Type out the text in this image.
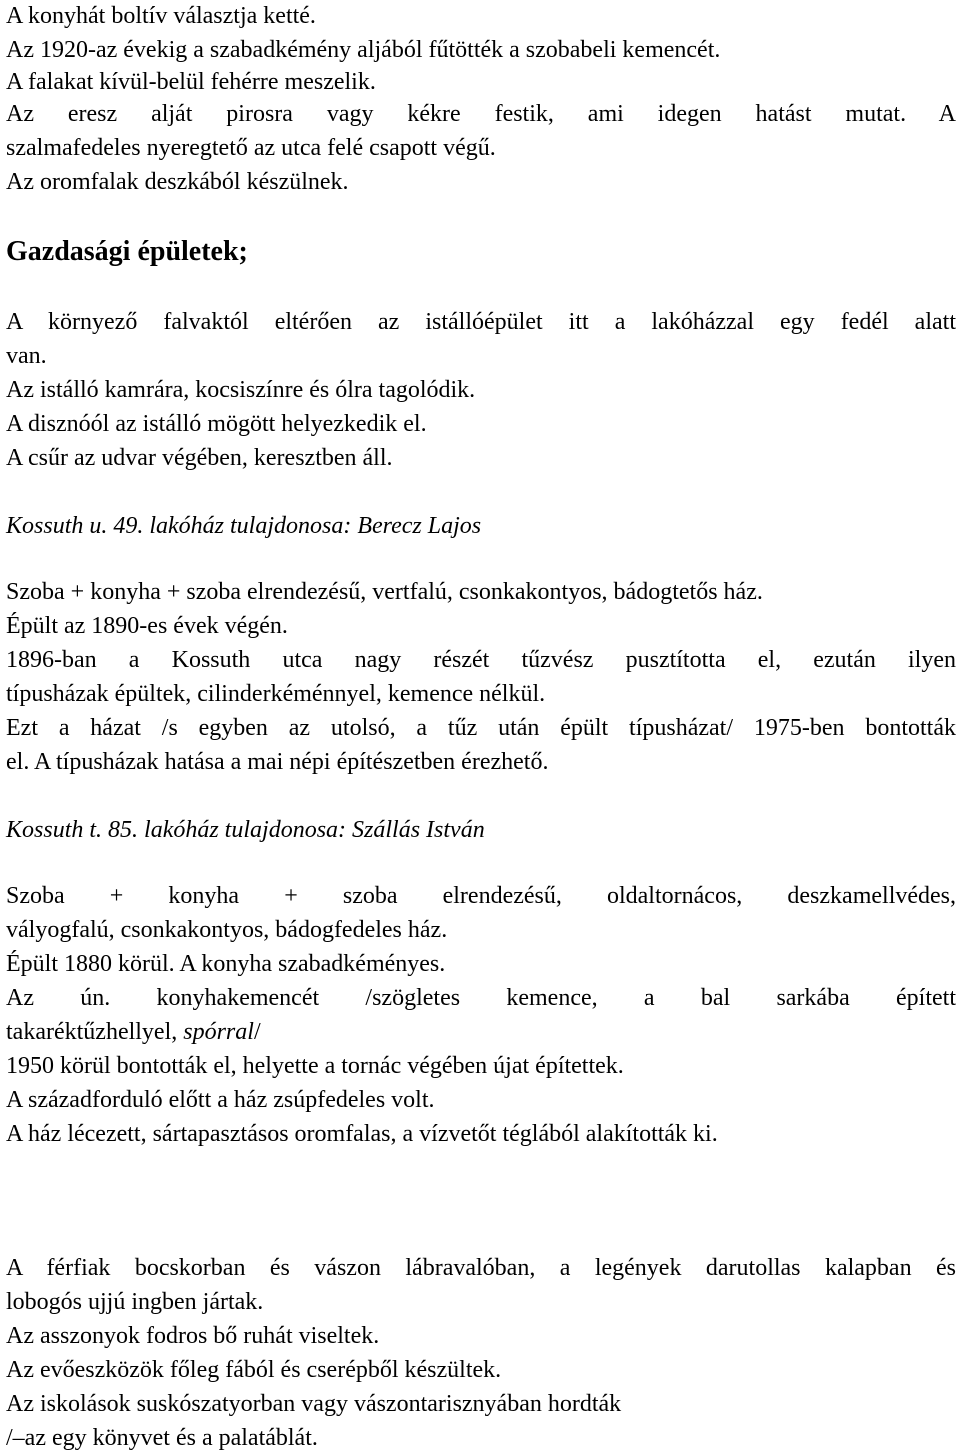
A konyhát boltív választja ketté.
Az 1920-az évekig a szabadkémény aljából fűtötték a szobabeli kemencét.
A falakat kívül-belül fehérre meszelik.
Az eresz alját pirosra vagy kékre festik, ami idegen hatást mutat. A
szalmafedeles nyeregtető az utca felé csapott végű.
Az oromfalak deszkából készülnek.
Gazdasági épületek;
A környező falvaktól eltérően az istállóépület itt a lakóházzal egy fedél alatt
van.
Az istálló kamrára, kocsiszínre és ólra tagolódik.
A disznóól az istálló mögött helyezkedik el.
A csűr az udvar végében, keresztben áll.
Kossuth u. 49. lakóház tulajdonosa: Berecz Lajos
Szoba + konyha + szoba elrendezésű, vertfalú, csonkakontyos, bádogtetős ház.
Épült az 1890-es évek végén.
1896-ban a Kossuth utca nagy részét tűzvész pusztította el, ezután ilyen
típusházak épültek, cilinderkéménnyel, kemence nélkül.
Ezt a házat /s egyben az utolsó, a tűz után épült típusházat/ 1975-ben bontották
el. A típusházak hatása a mai népi építészetben érezhető.
Kossuth t. 85. lakóház tulajdonosa: Szállás István
Szoba + konyha + szoba elrendezésű, oldaltornácos, deszkamellvédes,
vályogfalú, csonkakontyos, bádogfedeles ház.
Épült 1880 körül. A konyha szabadkéményes.
Az ún. konyhakemencét /szögletes kemence, a bal sarkába épített
takaréktűzhellyel, spórral/
1950 körül bontották el, helyette a tornác végében újat építettek.
A századforduló előtt a ház zsúpfedeles volt.
A ház lécezett, sártapasztásos oromfalas, a vízvetőt téglából alakították ki.
A férfiak bocskorban és vászon lábravalóban, a legények darutollas kalapban és
lobogós ujjú ingben jártak.
Az asszonyok fodros bő ruhát viseltek.
Az evőeszközök főleg fából és cserépből készültek.
Az iskolások suskószatyorban vagy vászontarisznyában hordták
/–az egy könyvet és a palatáblát.
